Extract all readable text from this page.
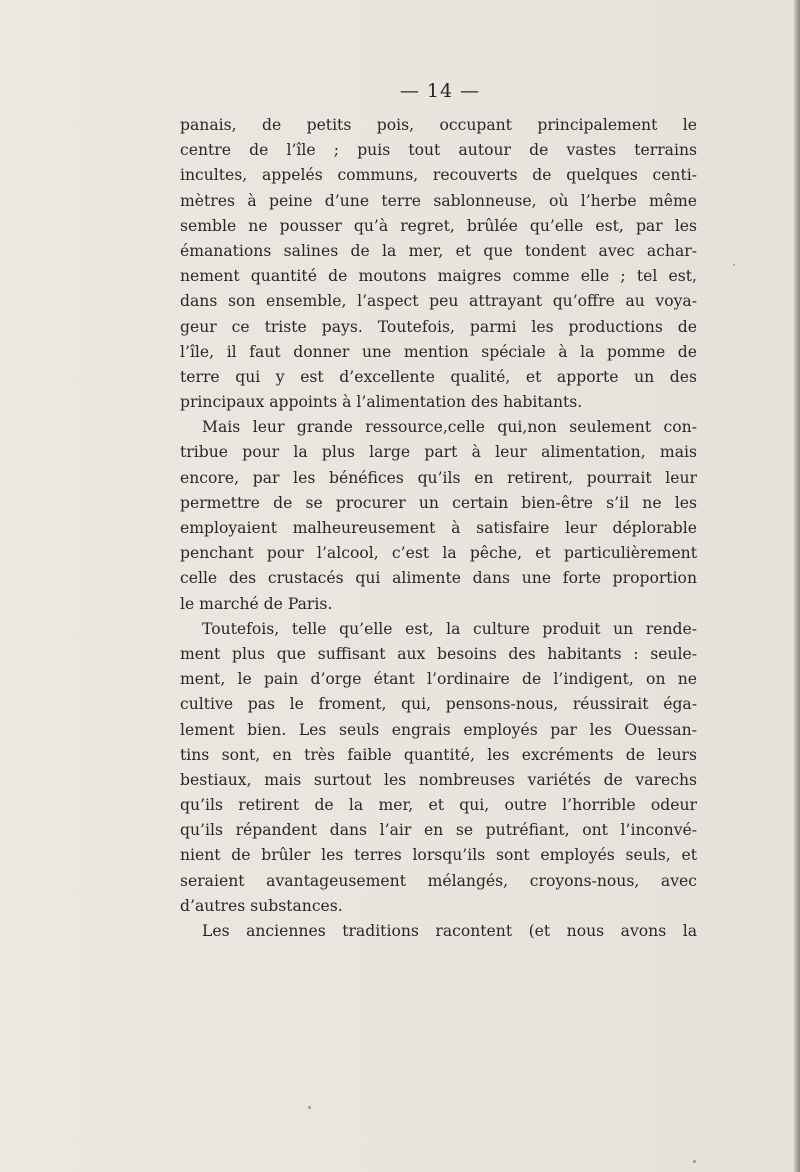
— 14 —
panais, de petits pois, occupant principalement le
centre de l’île ; puis tout autour de vastes terrains
incultes, appelés communs, recouverts de quelques centi-
mètres à peine d’une terre sablonneuse, où l’herbe même
semble ne pousser qu’à regret, brûlée qu’elle est, par les
émanations salines de la mer, et que tondent avec achar-
nement quantité de moutons maigres comme elle ; tel est,
dans son ensemble, l’aspect peu attrayant qu’offre au voya-
geur ce triste pays. Toutefois, parmi les productions de
l’île, il faut donner une mention spéciale à la pomme de
terre qui y est d’excellente qualité, et apporte un des
principaux appoints à l’alimentation des habitants.
Mais leur grande ressource,celle qui,non seulement con-
tribue pour la plus large part à leur alimentation, mais
encore, par les bénéfices qu’ils en retirent, pourrait leur
permettre de se procurer un certain bien-être s’il ne les
employaient malheureusement à satisfaire leur déplorable
penchant pour l’alcool, c’est la pêche, et particulièrement
celle des crustacés qui alimente dans une forte proportion
le marché de Paris.
Toutefois, telle qu’elle est, la culture produit un rende-
ment plus que suffisant aux besoins des habitants : seule-
ment, le pain d’orge étant l’ordinaire de l’indigent, on ne
cultive pas le froment, qui, pensons-nous, réussirait éga-
lement bien. Les seuls engrais employés par les Ouessan-
tins sont, en très faible quantité, les excréments de leurs
bestiaux, mais surtout les nombreuses variétés de varechs
qu’ils retirent de la mer, et qui, outre l’horrible odeur
qu’ils répandent dans l’air en se putréfiant, ont l’inconvé-
nient de brûler les terres lorsqu’ils sont employés seuls, et
seraient avantageusement mélangés, croyons-nous, avec
d’autres substances.
Les anciennes traditions racontent (et nous avons la
